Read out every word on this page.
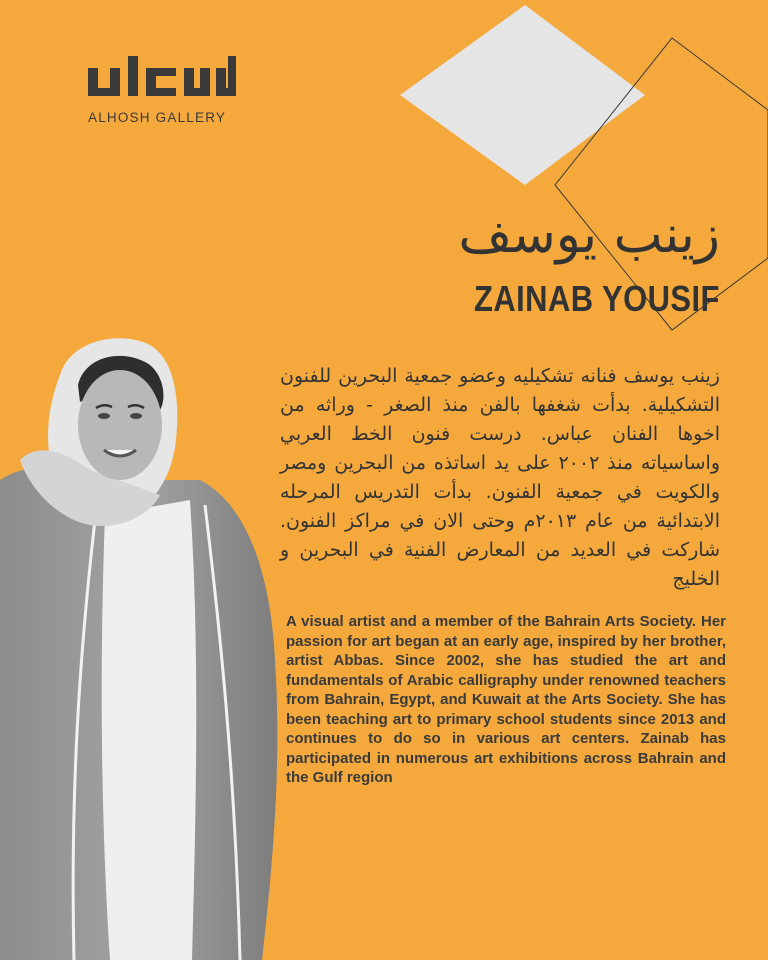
ALHOSH GALLERY
زينب يوسف
ZAINAB YOUSIF
زينب يوسف فنانه تشكيليه وعضو جمعية البحرين للفنون التشكيلية. بدأت شغفها بالفن منذ الصغر - وراثه من اخوها الفنان عباس. درست فنون الخط العربي واساسياته منذ ٢٠٠٢ على يد اساتذه من البحرين ومصر والكويت في جمعية الفنون. بدأت التدريس المرحله الابتدائية من عام ٢٠١٣م وحتى الان في مراكز الفنون. شاركت في العديد من المعارض الفنية في البحرين و الخليج
A visual artist and a member of the Bahrain Arts Society. Her passion for art began at an early age, inspired by her brother, artist Abbas. Since 2002, she has studied the art and fundamentals of Arabic calligraphy under renowned teachers from Bahrain, Egypt, and Kuwait at the Arts Society. She has been teaching art to primary school students since 2013 and continues to do so in various art centers. Zainab has participated in numerous art exhibitions across Bahrain and the Gulf region
